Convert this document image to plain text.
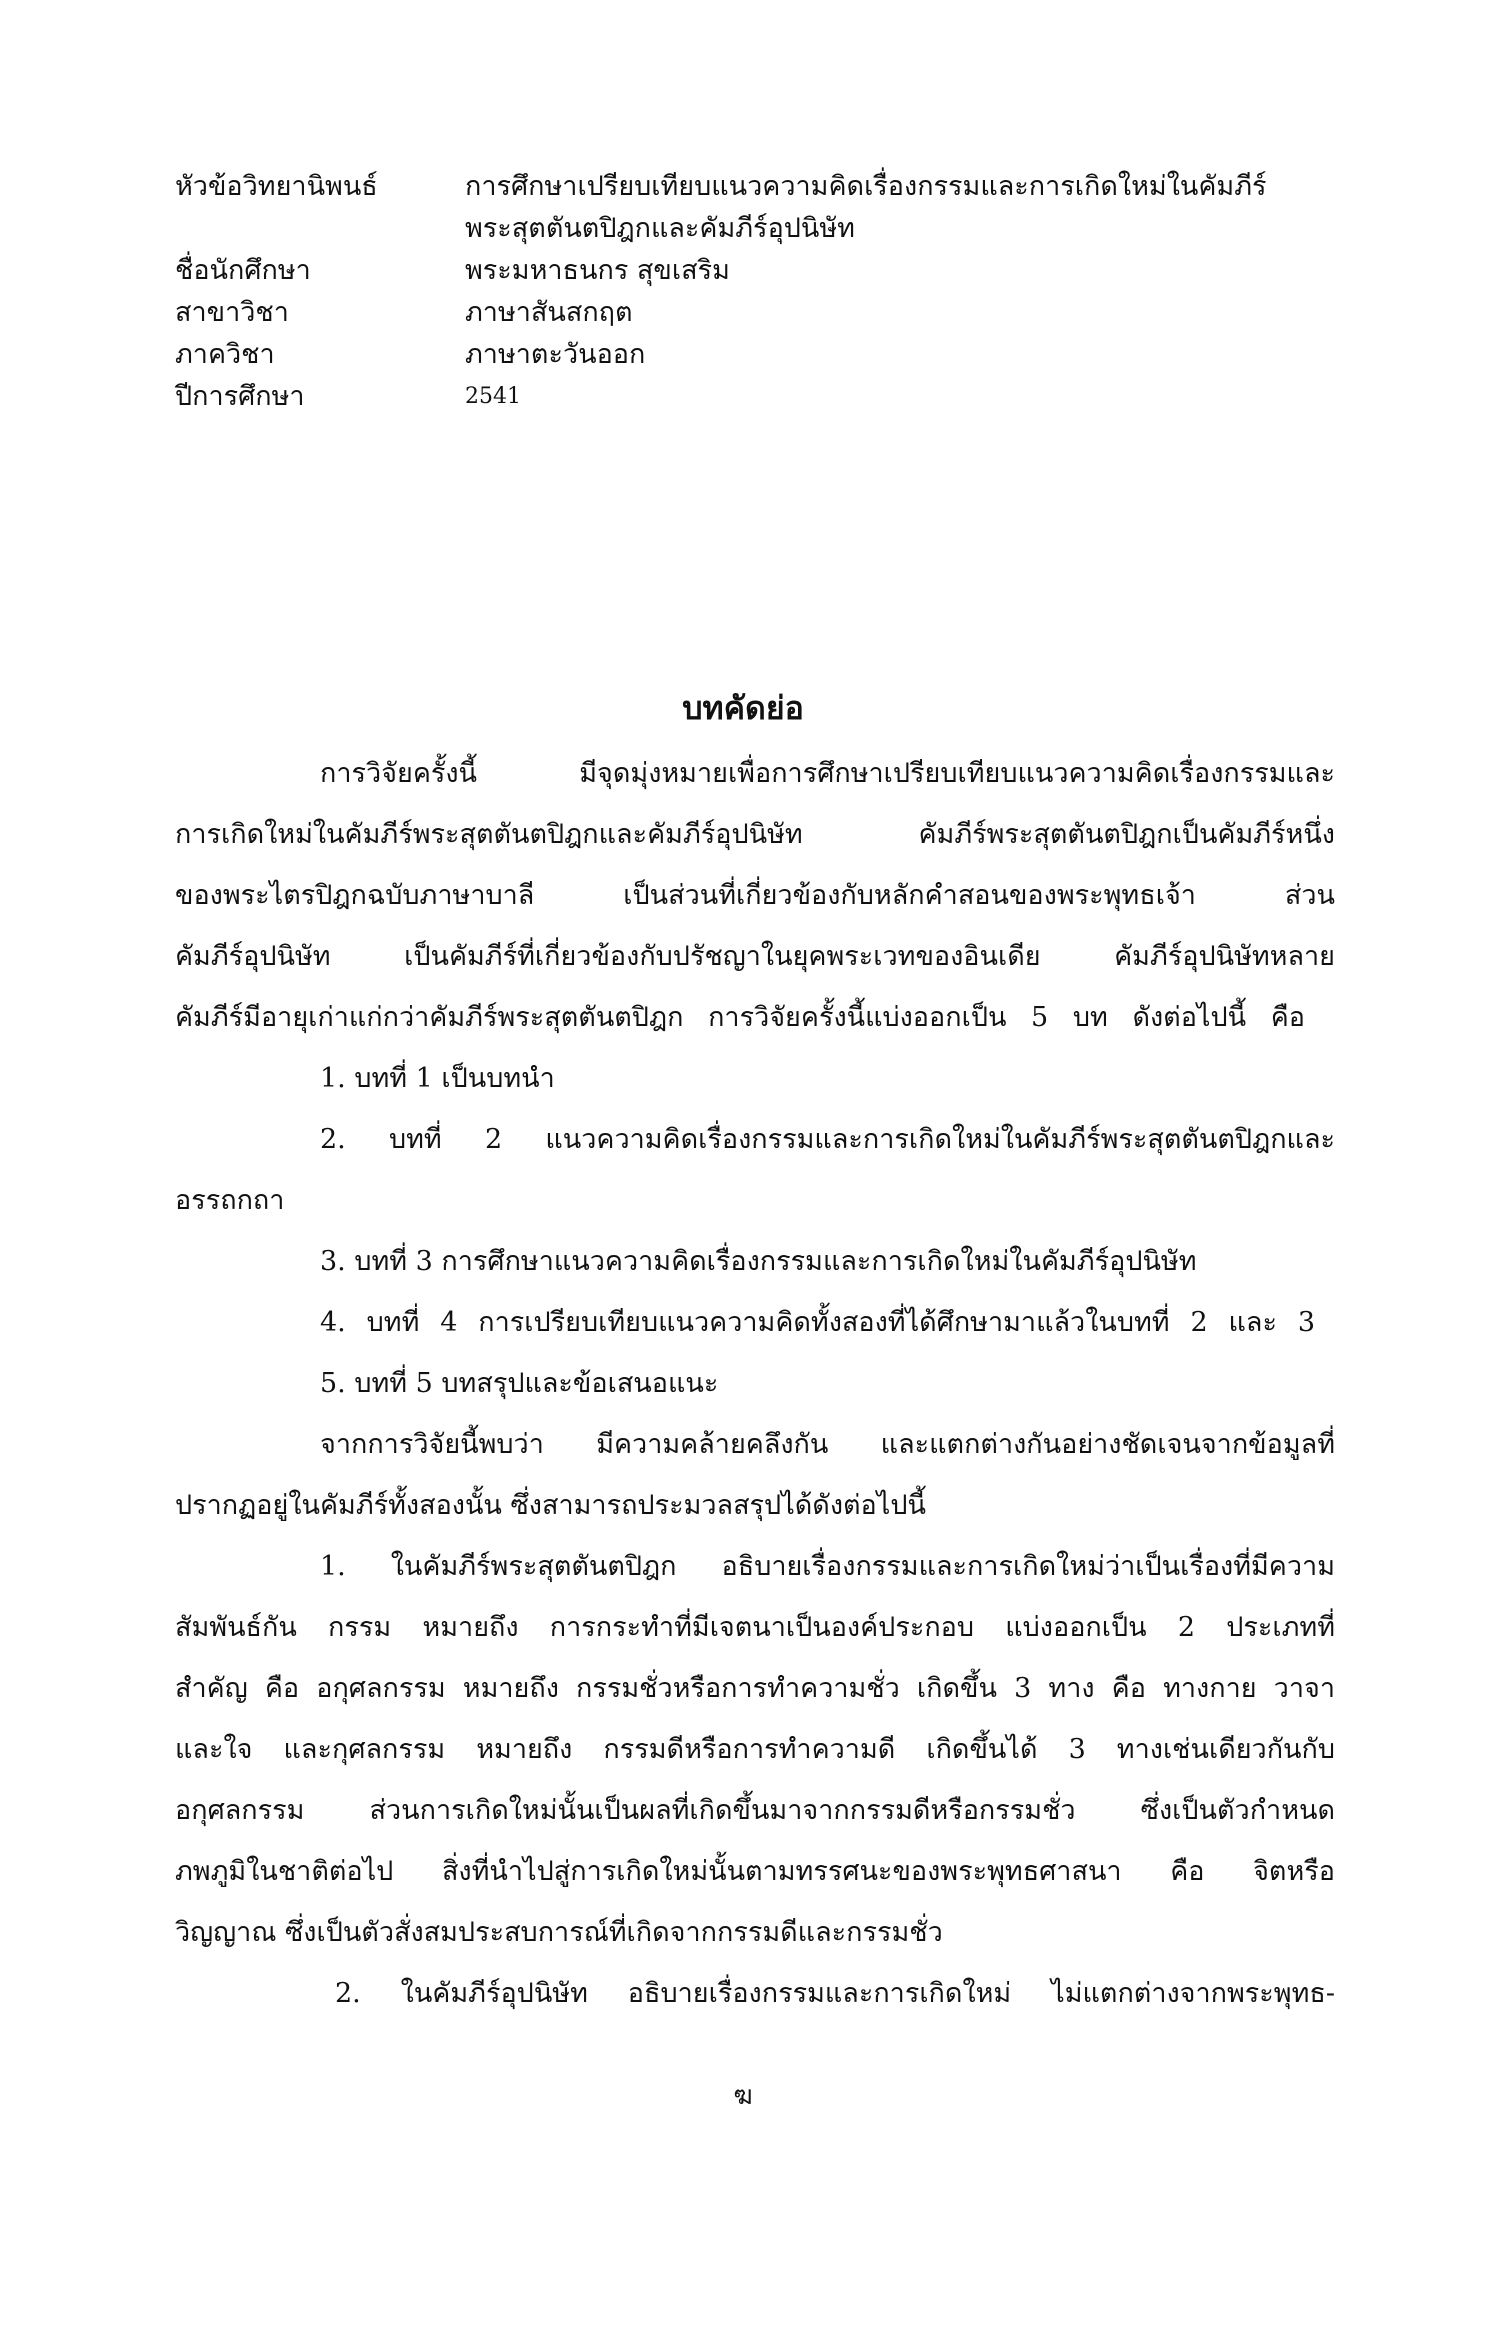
หัวข้อวิทยานิพนธ์	การศึกษาเปรียบเทียบแนวความคิดเรื่องกรรมและการเกิดใหม่ในคัมภีร์
พระสุตตันตปิฎกและคัมภีร์อุปนิษัท
ชื่อนักศึกษา	พระมหาธนกร สุขเสริม
สาขาวิชา	ภาษาสันสกฤต
ภาควิชา	ภาษาตะวันออก
ปีการศึกษา	2541
บทคัดย่อ
การวิจัยครั้งนี้ มีจุดมุ่งหมายเพื่อการศึกษาเปรียบเทียบแนวความคิดเรื่องกรรมและ
การเกิดใหม่ในคัมภีร์พระสุตตันตปิฎกและคัมภีร์อุปนิษัท คัมภีร์พระสุตตันตปิฎกเป็นคัมภีร์หนึ่ง
ของพระไตรปิฎกฉบับภาษาบาลี เป็นส่วนที่เกี่ยวข้องกับหลักคำสอนของพระพุทธเจ้า ส่วน
คัมภีร์อุปนิษัท เป็นคัมภีร์ที่เกี่ยวข้องกับปรัชญาในยุคพระเวทของอินเดีย คัมภีร์อุปนิษัทหลาย
คัมภีร์มีอายุเก่าแก่กว่าคัมภีร์พระสุตตันตปิฎก การวิจัยครั้งนี้แบ่งออกเป็น 5 บท ดังต่อไปนี้ คือ
1. บทที่ 1 เป็นบทนำ
2. บทที่ 2 แนวความคิดเรื่องกรรมและการเกิดใหม่ในคัมภีร์พระสุตตันตปิฎกและ
อรรถกถา
3. บทที่ 3 การศึกษาแนวความคิดเรื่องกรรมและการเกิดใหม่ในคัมภีร์อุปนิษัท
4. บทที่ 4 การเปรียบเทียบแนวความคิดทั้งสองที่ได้ศึกษามาแล้วในบทที่ 2 และ 3
5. บทที่ 5 บทสรุปและข้อเสนอแนะ
จากการวิจัยนี้พบว่า มีความคล้ายคลึงกัน และแตกต่างกันอย่างชัดเจนจากข้อมูลที่
ปรากฏอยู่ในคัมภีร์ทั้งสองนั้น ซึ่งสามารถประมวลสรุปได้ดังต่อไปนี้
1. ในคัมภีร์พระสุตตันตปิฎก อธิบายเรื่องกรรมและการเกิดใหม่ว่าเป็นเรื่องที่มีความ
สัมพันธ์กัน กรรม หมายถึง การกระทำที่มีเจตนาเป็นองค์ประกอบ แบ่งออกเป็น 2 ประเภทที่
สำคัญ คือ อกุศลกรรม หมายถึง กรรมชั่วหรือการทำความชั่ว เกิดขึ้น 3 ทาง คือ ทางกาย วาจา
และใจ และกุศลกรรม หมายถึง กรรมดีหรือการทำความดี เกิดขึ้นได้ 3 ทางเช่นเดียวกันกับ
อกุศลกรรม ส่วนการเกิดใหม่นั้นเป็นผลที่เกิดขึ้นมาจากกรรมดีหรือกรรมชั่ว ซึ่งเป็นตัวกำหนด
ภพภูมิในชาติต่อไป สิ่งที่นำไปสู่การเกิดใหม่นั้นตามทรรศนะของพระพุทธศาสนา คือ จิตหรือ
วิญญาณ ซึ่งเป็นตัวสั่งสมประสบการณ์ที่เกิดจากกรรมดีและกรรมชั่ว
2. ในคัมภีร์อุปนิษัท อธิบายเรื่องกรรมและการเกิดใหม่ ไม่แตกต่างจากพระพุทธ-
ฆ
